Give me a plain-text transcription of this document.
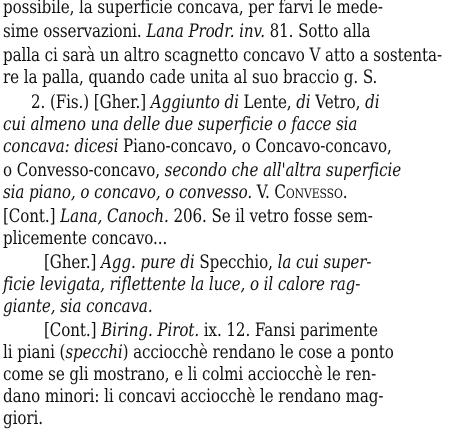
possibile, la superficie concava, per farvi le mede-
sime osservazioni. Lana Prodr. inv. 81. Sotto alla
palla ci sarà un altro scagnetto concavo V atto a sostenta-
re la palla, quando cade unita al suo braccio g. S.
2. (Fis.) [Gher.] Aggiunto di Lente, di Vetro, di
cui almeno una delle due superficie o facce sia
concava: dicesi Piano-concavo, o Concavo-concavo,
o Convesso-concavo, secondo che all'altra superficie
sia piano, o concavo, o convesso. V. Convesso.
[Cont.] Lana, Canoch. 206. Se il vetro fosse sem-
plicemente concavo...
[Gher.] Agg. pure di Specchio, la cui super-
ficie levigata, riflettente la luce, o il calore rag-
giante, sia concava.
[Cont.] Biring. Pirot. ix. 12. Fansi parimente
li piani (specchi) acciocchè rendano le cose a ponto
come se gli mostrano, e li colmi acciocchè le ren-
dano minori: li concavi acciocchè le rendano mag-
giori.
